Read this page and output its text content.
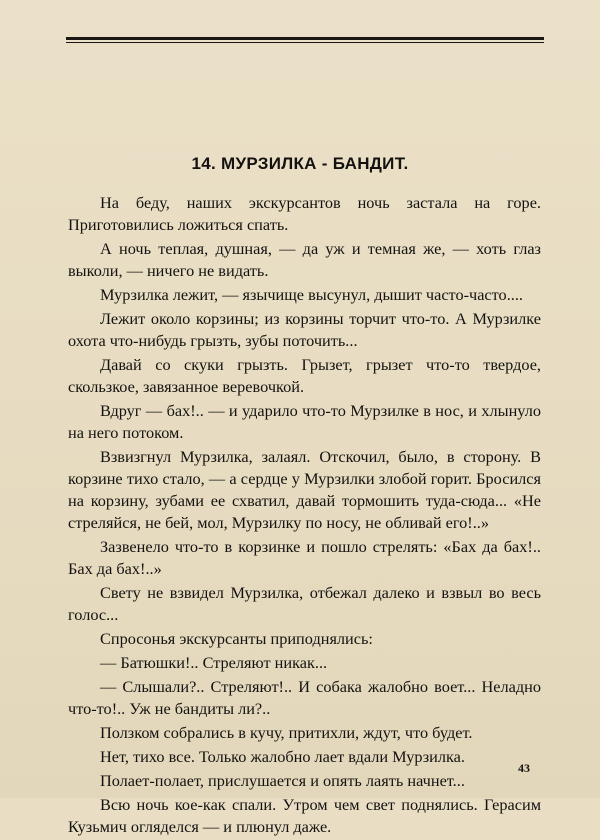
14. МУРЗИЛКА - БАНДИТ.

На беду, наших экскурсантов ночь застала на горе. Приготовились ложиться спать.

А ночь теплая, душная, — да уж и темная же, — хоть глаз выколи, — ничего не видать.

Мурзилка лежит, — язычище высунул, дышит часто-часто....

Лежит около корзины; из корзины торчит что-то. А Мурзилке охота что-нибудь грызть, зубы поточить...

Давай со скуки грызть. Грызет, грызет что-то твердое, скользкое, завязанное веревочкой.

Вдруг — бах!.. — и ударило что-то Мурзилке в нос, и хлынуло на него потоком.

Взвизгнул Мурзилка, залаял. Отскочил, было, в сторону. В корзине тихо стало, — а сердце у Мурзилки злобой горит. Бросился на корзину, зубами ее схватил, давай тормошить туда-сюда... «Не стреляйся, не бей, мол, Мурзилку по носу, не обливай его!..»

Зазвенело что-то в корзинке и пошло стрелять: «Бах да бах!.. Бах да бах!..»

Свету не взвидел Мурзилка, отбежал далеко и взвыл во весь голос...

Спросонья экскурсанты приподнялись:

— Батюшки!.. Стреляют никак...

— Слышали?.. Стреляют!.. И собака жалобно воет... Неладно что-то!.. Уж не бандиты ли?..

Ползком собрались в кучу, притихли, ждут, что будет.

Нет, тихо все. Только жалобно лает вдали Мурзилка.

Полает-полает, прислушается и опять лаять начнет...

Всю ночь кое-как спали. Утром чем свет поднялись. Герасим Кузьмич огляделся — и плюнул даже.

43
